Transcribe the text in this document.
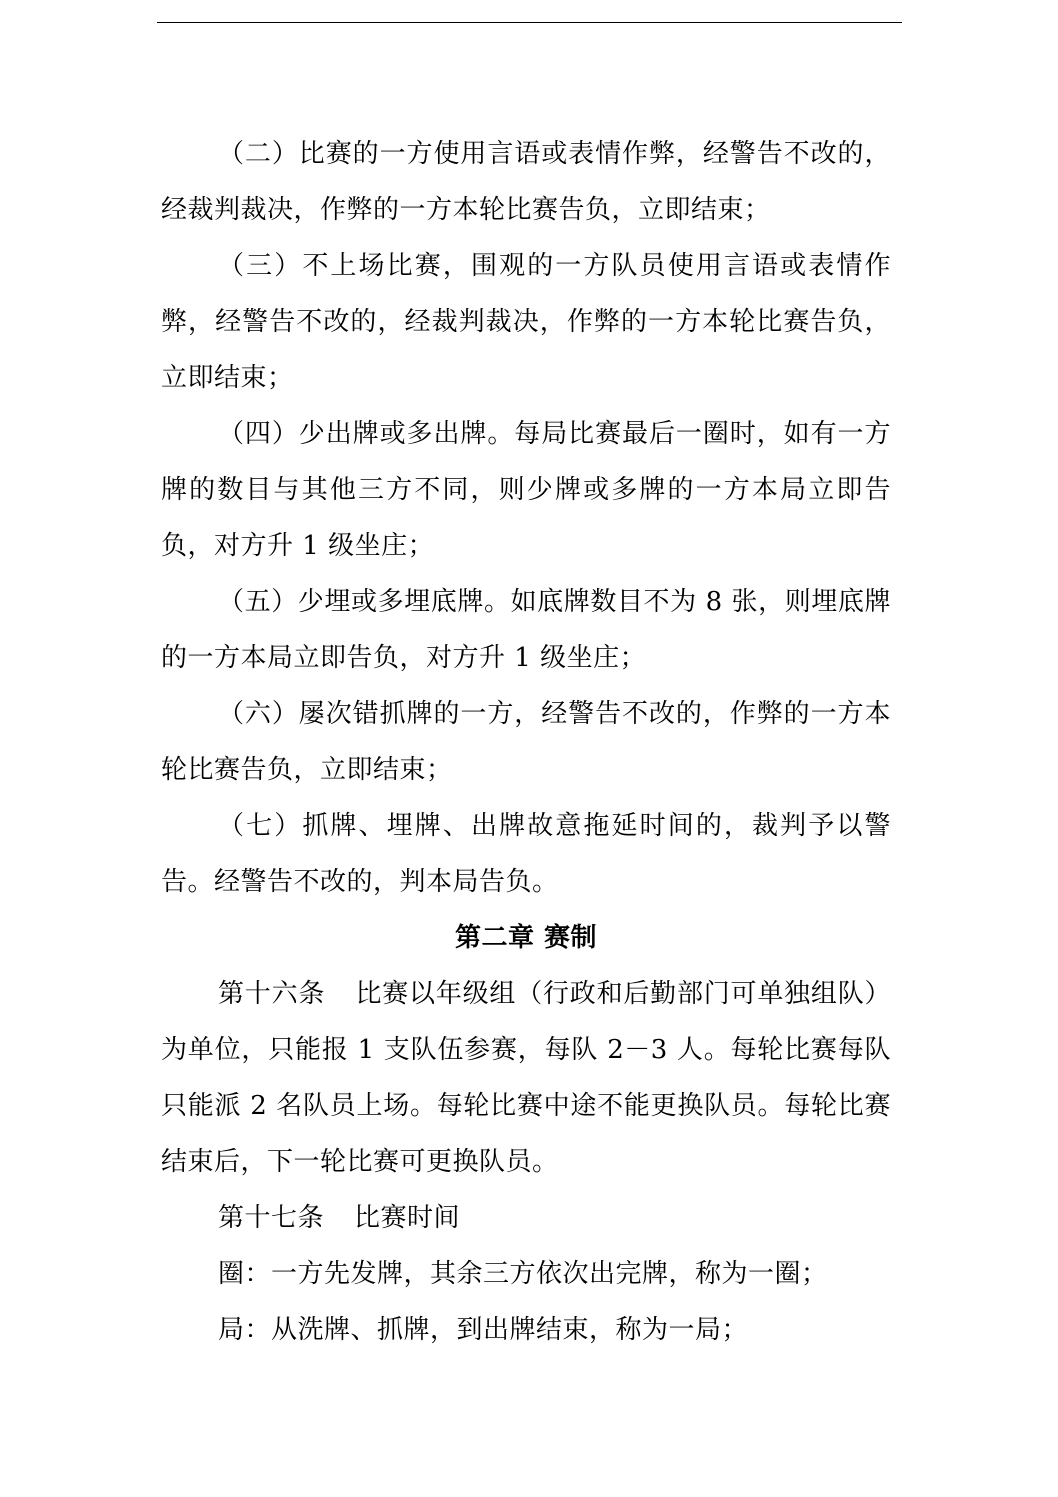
（二）比赛的一方使用言语或表情作弊，经警告不改的，经裁判裁决，作弊的一方本轮比赛告负，立即结束；

（三）不上场比赛，围观的一方队员使用言语或表情作弊，经警告不改的，经裁判裁决，作弊的一方本轮比赛告负，立即结束；

（四）少出牌或多出牌。每局比赛最后一圈时，如有一方牌的数目与其他三方不同，则少牌或多牌的一方本局立即告负，对方升 1 级坐庄；

（五）少埋或多埋底牌。如底牌数目不为 8 张，则埋底牌的一方本局立即告负，对方升 1 级坐庄；

（六）屡次错抓牌的一方，经警告不改的，作弊的一方本轮比赛告负，立即结束；

（七）抓牌、埋牌、出牌故意拖延时间的，裁判予以警告。经警告不改的，判本局告负。

第二章 赛制

第十六条 比赛以年级组（行政和后勤部门可单独组队）为单位，只能报 1 支队伍参赛，每队 2－3 人。每轮比赛每队只能派 2 名队员上场。每轮比赛中途不能更换队员。每轮比赛结束后，下一轮比赛可更换队员。

第十七条 比赛时间

圈：一方先发牌，其余三方依次出完牌，称为一圈；

局：从洗牌、抓牌，到出牌结束，称为一局；
